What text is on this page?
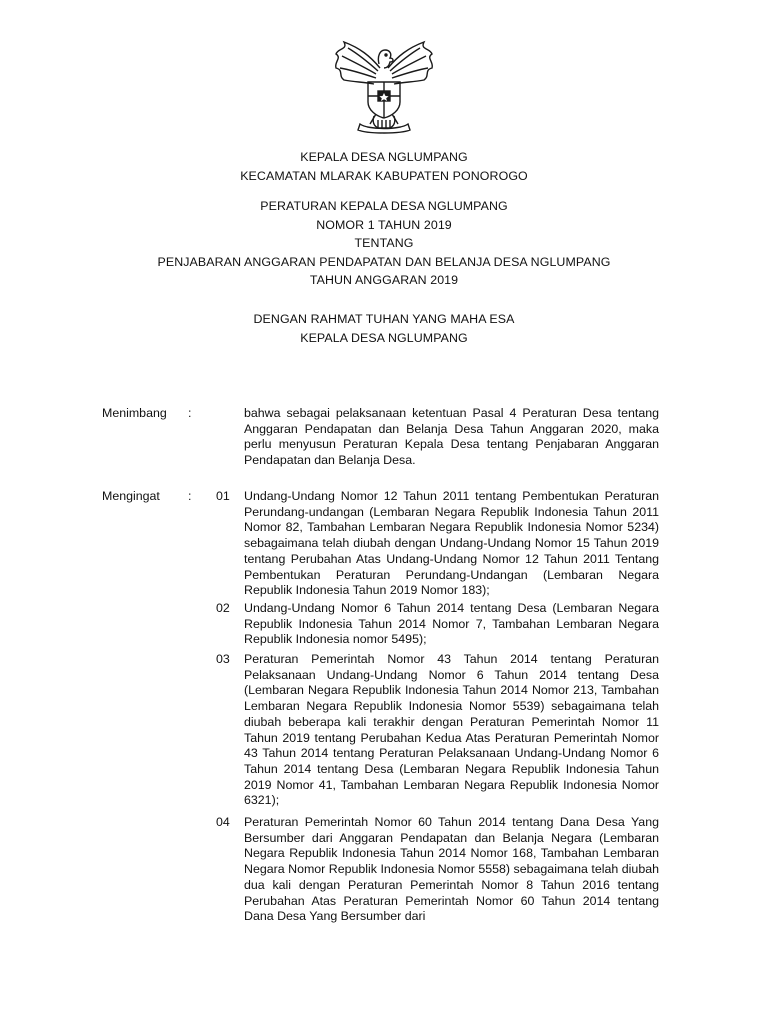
KEPALA DESA NGLUMPANG
KECAMATAN MLARAK KABUPATEN PONOROGO
PERATURAN KEPALA DESA NGLUMPANG
NOMOR 1 TAHUN 2019
TENTANG
PENJABARAN ANGGARAN PENDAPATAN DAN BELANJA DESA NGLUMPANG
TAHUN ANGGARAN 2019
DENGAN RAHMAT TUHAN YANG MAHA ESA
KEPALA DESA NGLUMPANG
Menimbang :	bahwa sebagai pelaksanaan ketentuan Pasal 4 Peraturan Desa tentang Anggaran Pendapatan dan Belanja Desa Tahun Anggaran 2020, maka perlu menyusun Peraturan Kepala Desa tentang Penjabaran Anggaran Pendapatan dan Belanja Desa.

Mengingat : 01 Undang-Undang Nomor 12 Tahun 2011 tentang Pembentukan Peraturan Perundang-undangan (Lembaran Negara Republik Indonesia Tahun 2011 Nomor 82, Tambahan Lembaran Negara Republik Indonesia Nomor 5234) sebagaimana telah diubah dengan Undang-Undang Nomor 15 Tahun 2019 tentang Perubahan Atas Undang-Undang Nomor 12 Tahun 2011 Tentang Pembentukan Peraturan Perundang-Undangan (Lembaran Negara Republik Indonesia Tahun 2019 Nomor 183);

02 Undang-Undang Nomor 6 Tahun 2014 tentang Desa (Lembaran Negara Republik Indonesia Tahun 2014 Nomor 7, Tambahan Lembaran Negara Republik Indonesia nomor 5495);

03 Peraturan Pemerintah Nomor 43 Tahun 2014 tentang Peraturan Pelaksanaan Undang-Undang Nomor 6 Tahun 2014 tentang Desa (Lembaran Negara Republik Indonesia Tahun 2014 Nomor 213, Tambahan Lembaran Negara Republik Indonesia Nomor 5539) sebagaimana telah diubah beberapa kali terakhir dengan Peraturan Pemerintah Nomor 11 Tahun 2019 tentang Perubahan Kedua Atas Peraturan Pemerintah Nomor 43 Tahun 2014 tentang Peraturan Pelaksanaan Undang-Undang Nomor 6 Tahun 2014 tentang Desa (Lembaran Negara Republik Indonesia Tahun 2019 Nomor 41, Tambahan Lembaran Negara Republik Indonesia Nomor 6321);

04 Peraturan Pemerintah Nomor 60 Tahun 2014 tentang Dana Desa Yang Bersumber dari Anggaran Pendapatan dan Belanja Negara (Lembaran Negara Republik Indonesia Tahun 2014 Nomor 168, Tambahan Lembaran Negara Nomor Republik Indonesia Nomor 5558) sebagaimana telah diubah dua kali dengan Peraturan Pemerintah Nomor 8 Tahun 2016 tentang Perubahan Atas Peraturan Pemerintah Nomor 60 Tahun 2014 tentang Dana Desa Yang Bersumber dari
